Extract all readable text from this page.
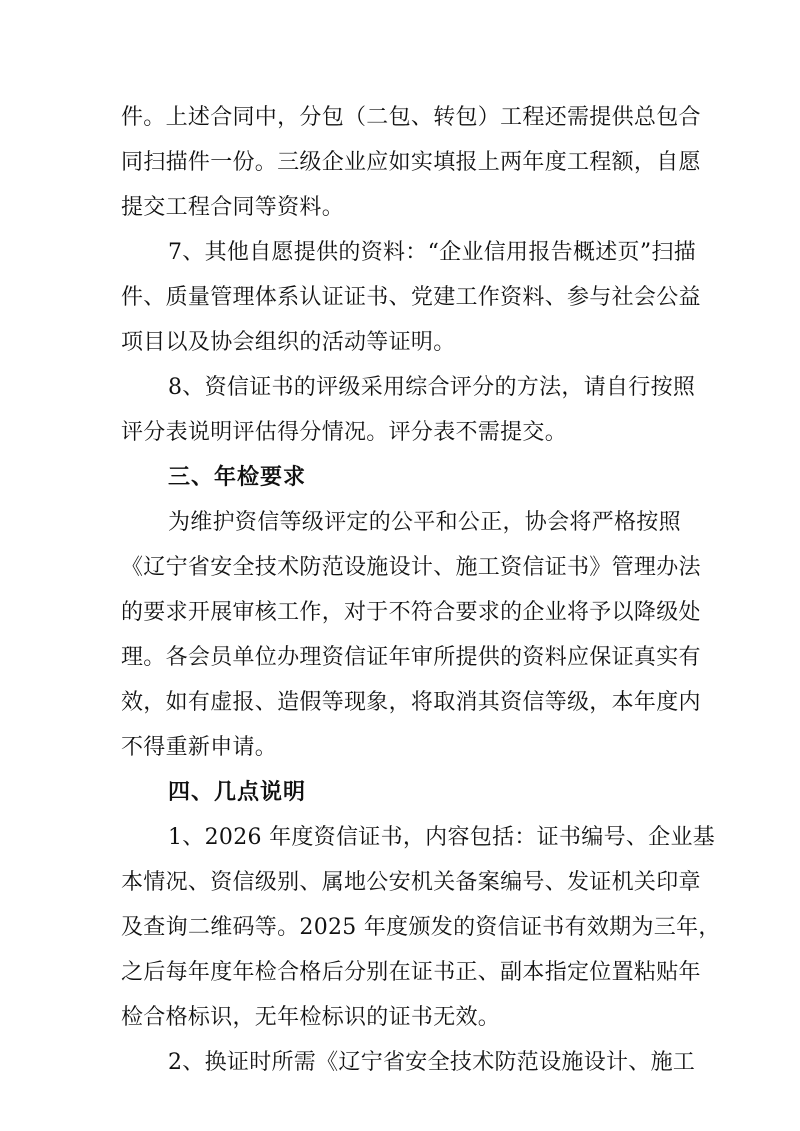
件。上述合同中，分包（二包、转包）工程还需提供总包合
同扫描件一份。三级企业应如实填报上两年度工程额，自愿
提交工程合同等资料。
7、其他自愿提供的资料：“企业信用报告概述页”扫描
件、质量管理体系认证证书、党建工作资料、参与社会公益
项目以及协会组织的活动等证明。
8、资信证书的评级采用综合评分的方法，请自行按照
评分表说明评估得分情况。评分表不需提交。
三、年检要求
为维护资信等级评定的公平和公正，协会将严格按照
《辽宁省安全技术防范设施设计、施工资信证书》管理办法
的要求开展审核工作，对于不符合要求的企业将予以降级处
理。各会员单位办理资信证年审所提供的资料应保证真实有
效，如有虚报、造假等现象，将取消其资信等级，本年度内
不得重新申请。
四、几点说明
1、2026 年度资信证书，内容包括：证书编号、企业基
本情况、资信级别、属地公安机关备案编号、发证机关印章
及查询二维码等。2025 年度颁发的资信证书有效期为三年，
之后每年度年检合格后分别在证书正、副本指定位置粘贴年
检合格标识，无年检标识的证书无效。
2、换证时所需《辽宁省安全技术防范设施设计、施工
